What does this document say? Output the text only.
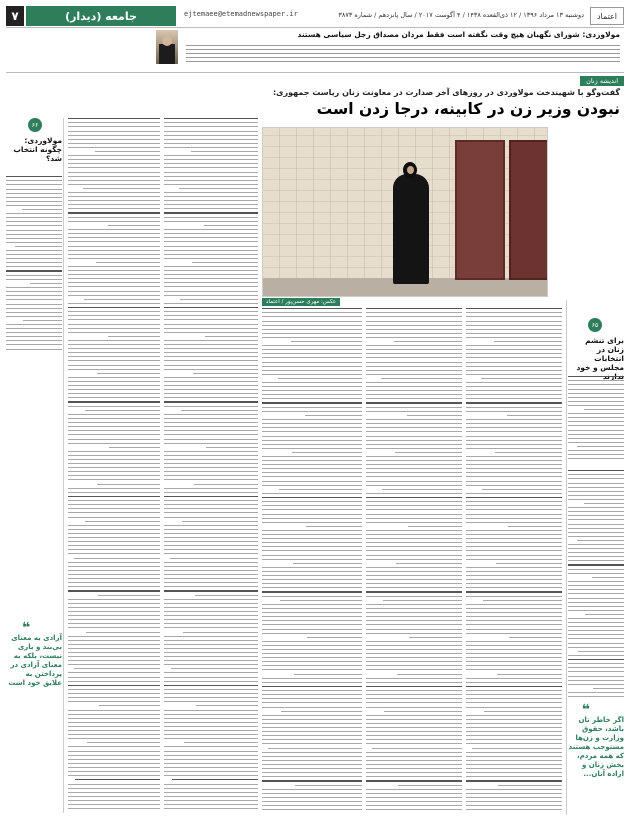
۷	جامعه (دیدار)	ejtemaee@etemadnewspaper.ir	دوشنبه ۱۳ مرداد ۱۳۹۶ / ۱۲ ذی‌القعده ۱۴۳۸ / ۴ آگوست ۲۰۱۷ / سال پانزدهم / شماره ۳۸۷۳	اعتماد
مولاوردی: شورای نگهبان هیچ وقت نگفته است فقط مردان مصداق رجل سیاسی هستند
اندیشه زنان
گفت‌وگو با شهیندخت مولاوردی در روزهای آخر صدارت در معاونت زنان ریاست جمهوری:
نبودن وزیر زن در کابینه، درجا زدن است
عکس: مهری حسن‌پور / اعتماد
۶۶
مولاوردی: چگونه انتخاب شد؟
۶۵
برای تنشم زنان در انتخابات مجلس و خود
❝
اگر خاطر تان باشد، حقوق وزارت و زن‌ها مستوجب هستند که همه مردم، بخش زنان و اراده آنان...
❝
آزادی به معنای بی‌بند و باری نیست، بلکه به معنای آزادی در پرداختن به علایق خود است
